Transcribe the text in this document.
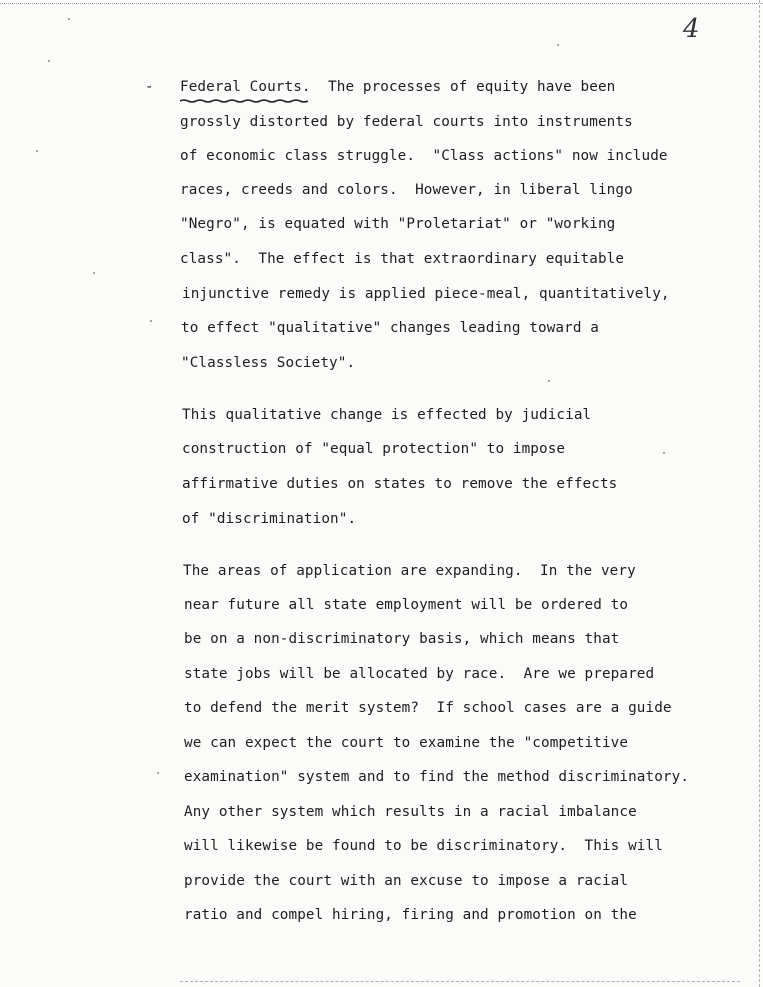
4
- Federal Courts.  The processes of equity have been
grossly distorted by federal courts into instruments
of economic class struggle.  "Class actions" now include
races, creeds and colors.  However, in liberal lingo
"Negro", is equated with "Proletariat" or "working
class".  The effect is that extraordinary equitable
injunctive remedy is applied piece-meal, quantitatively,
to effect "qualitative" changes leading toward a
"Classless Society".
This qualitative change is effected by judicial
construction of "equal protection" to impose
affirmative duties on states to remove the effects
of "discrimination".
The areas of application are expanding.  In the very
near future all state employment will be ordered to
be on a non-discriminatory basis, which means that
state jobs will be allocated by race.  Are we prepared
to defend the merit system?  If school cases are a guide
we can expect the court to examine the "competitive
examination" system and to find the method discriminatory.
Any other system which results in a racial imbalance
will likewise be found to be discriminatory.  This will
provide the court with an excuse to impose a racial
ratio and compel hiring, firing and promotion on the
